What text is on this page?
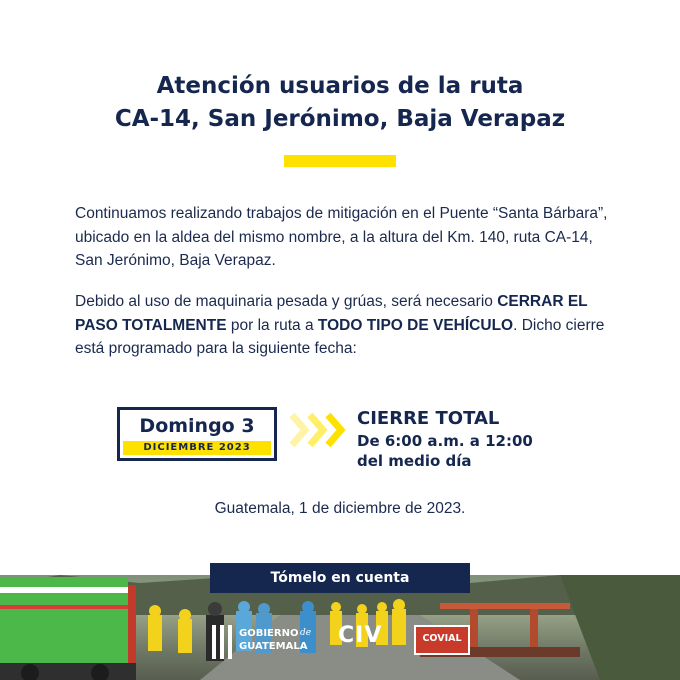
Atención usuarios de la ruta
CA-14, San Jerónimo, Baja Verapaz
Continuamos realizando trabajos de mitigación en el Puente “Santa Bárbara”, ubicado en la aldea del mismo nombre, a la altura del Km. 140, ruta CA-14, San Jerónimo, Baja Verapaz.
Debido al uso de maquinaria pesada y grúas, será necesario CERRAR EL PASO TOTALMENTE por la ruta a TODO TIPO DE VEHÍCULO. Dicho cierre está programado para la siguiente fecha:
Domingo 3
DICIEMBRE 2023
CIERRE TOTAL
De 6:00 a.m. a 12:00
del medio día
Guatemala, 1 de diciembre de 2023.
GOBIERNO de
GUATEMALA CIV	COVIAL
Tómelo en cuenta
